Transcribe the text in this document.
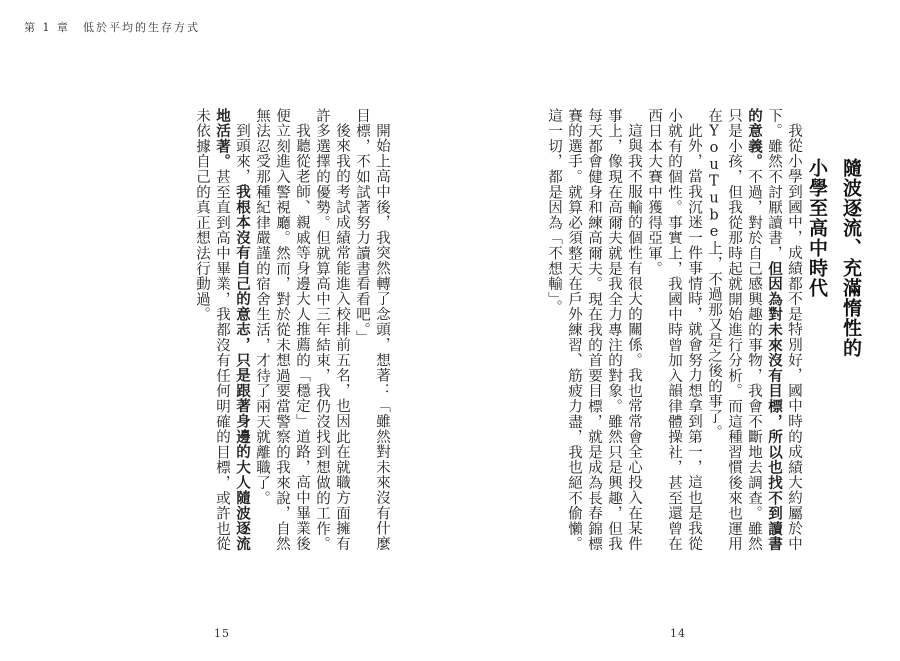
第 1 章　低於平均的生存方式
開始上高中後，我突然轉了念頭，想著：「雖然對未來沒有什麼目標，不如試著努力讀書看看吧。」
後來我的考試成績常能進入校排前五名，也因此在就職方面擁有許多選擇的優勢。但就算高中三年結束，我仍沒找到想做的工作。
我聽從老師、親戚等身邊大人推薦的「穩定」道路，高中畢業後便立刻進入警視廳。然而，對於從未想過要當警察的我來說，自然無法忍受那種紀律嚴謹的宿舍生活，才待了兩天就離職了。
到頭來，我根本沒有自己的意志，只是跟著身邊的大人隨波逐流地活著。甚至直到高中畢業，我都沒有任何明確的目標，或許也從未依據自己的真正想法行動過。
15
隨波逐流、充滿惰性的
小學至高中時代
我從小學到國中，成績都不是特別好，國中時的成績大約屬於中下。雖然不討厭讀書，但因為對未來沒有目標，所以也找不到讀書的意義。不過，對於自己感興趣的事物，我會不斷地去調查。雖然只是小孩，但我從那時起就開始進行分析。而這種習慣後來也運用在YouTube上，不過那又是之後的事了。
此外，當我沉迷一件事情時，就會努力想拿到第一，這也是我從小就有的個性。事實上，我國中時曾加入韻律體操社，甚至還曾在西日本大賽中獲得亞軍。
這與我不服輸的個性有很大的關係。我也常常會全心投入在某件事上，像現在高爾夫就是我全力專注的對象。雖然只是興趣，但我每天都會健身和練高爾夫。現在我的首要目標，就是成為長春錦標賽的選手。就算必須整天在戶外練習、筋疲力盡，我也絕不偷懶。這一切，都是因為「不想輸」。
14
